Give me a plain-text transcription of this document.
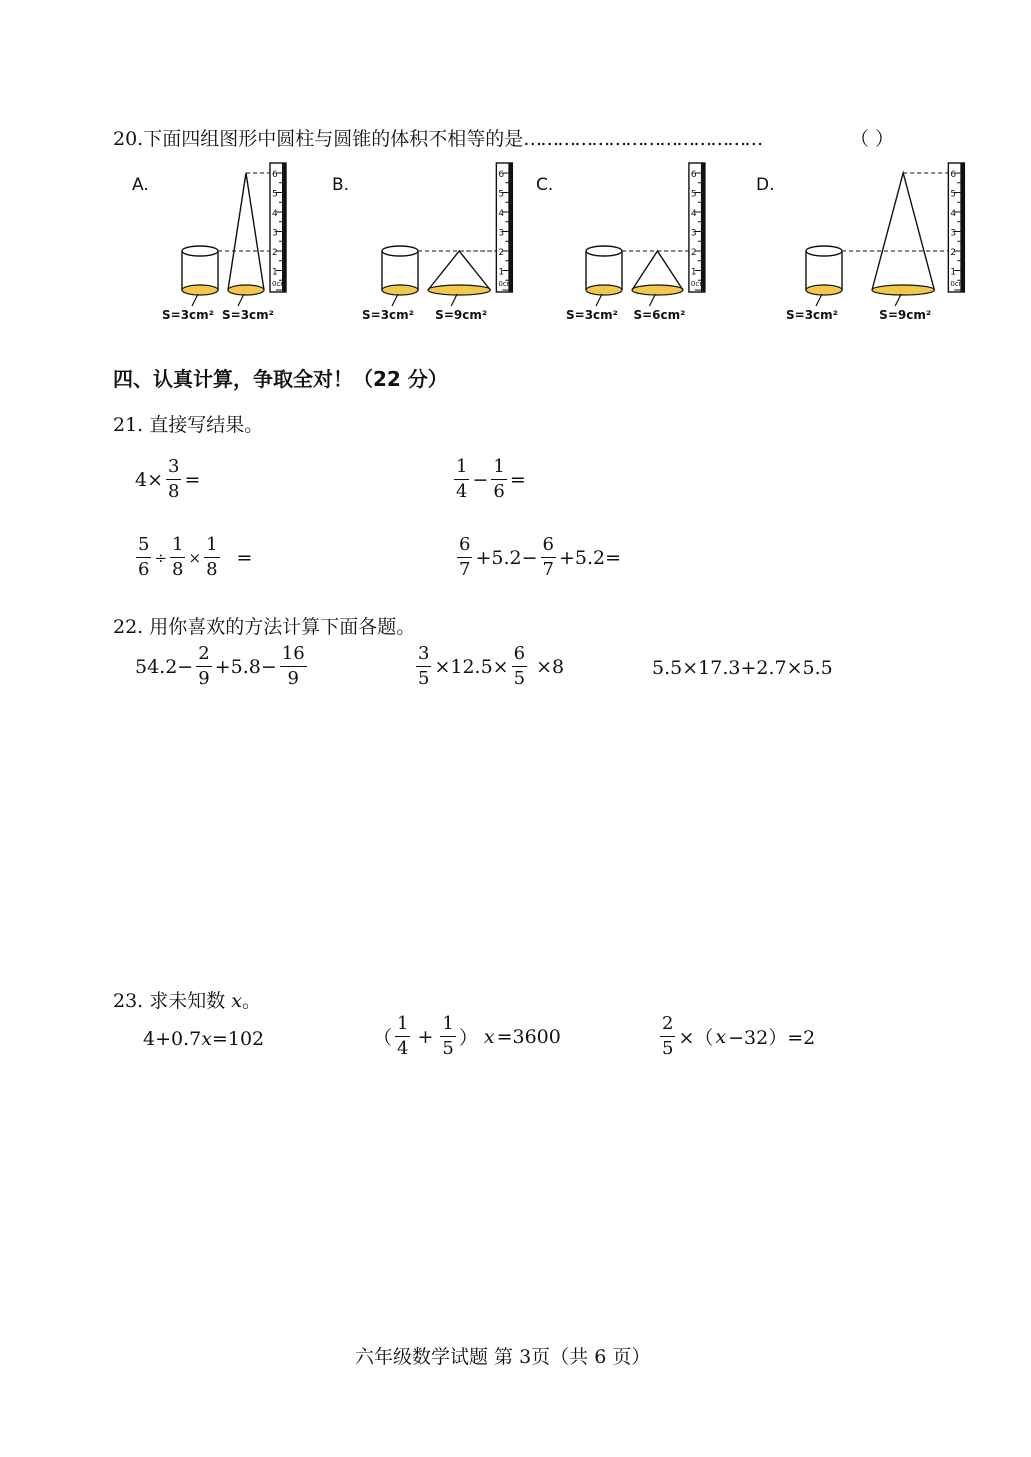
20.下面四组图形中圆柱与圆锥的体积不相等的是……………………………………	（ ）
A.
1
2
3
4
5
6
0cm
S=3cm² S=3cm²
B.
1
2
3
4
5
6
0cm
S=3cm² S=9cm²
C.
1
2
3
4
5
6
0cm
S=3cm² S=6cm²
D.
1
2
3
4
5
6
0cm
S=3cm²	S=9cm²
四、认真计算，争取全对！（22 分）
21. 直接写结果。
$4\times \frac{3}{8}$ =	$\frac{1}{4} - \frac{1}{6}$ =
$\frac{5}{6} \div \frac{1}{8} \times \frac{1}{8}$ =	$\frac{6}{7} +5.2- \frac{6}{7} +5.2=$
22. 用你喜欢的方法计算下面各题。
$54.2- \frac{2}{9} +5.8- \frac{16}{9}$	$\frac{3}{5} \times 12.5\times \frac{6}{5} \times 8$	5.5×17.3+2.7×5.5
23. 求未知数 x。
4+0.7x=102	（ $\frac{1}{4} + \frac{1}{5}$ ） x =3600	$\frac{2}{5}$ ×（ x −32）=2
六年级数学试题 第 3页（共 6 页）
